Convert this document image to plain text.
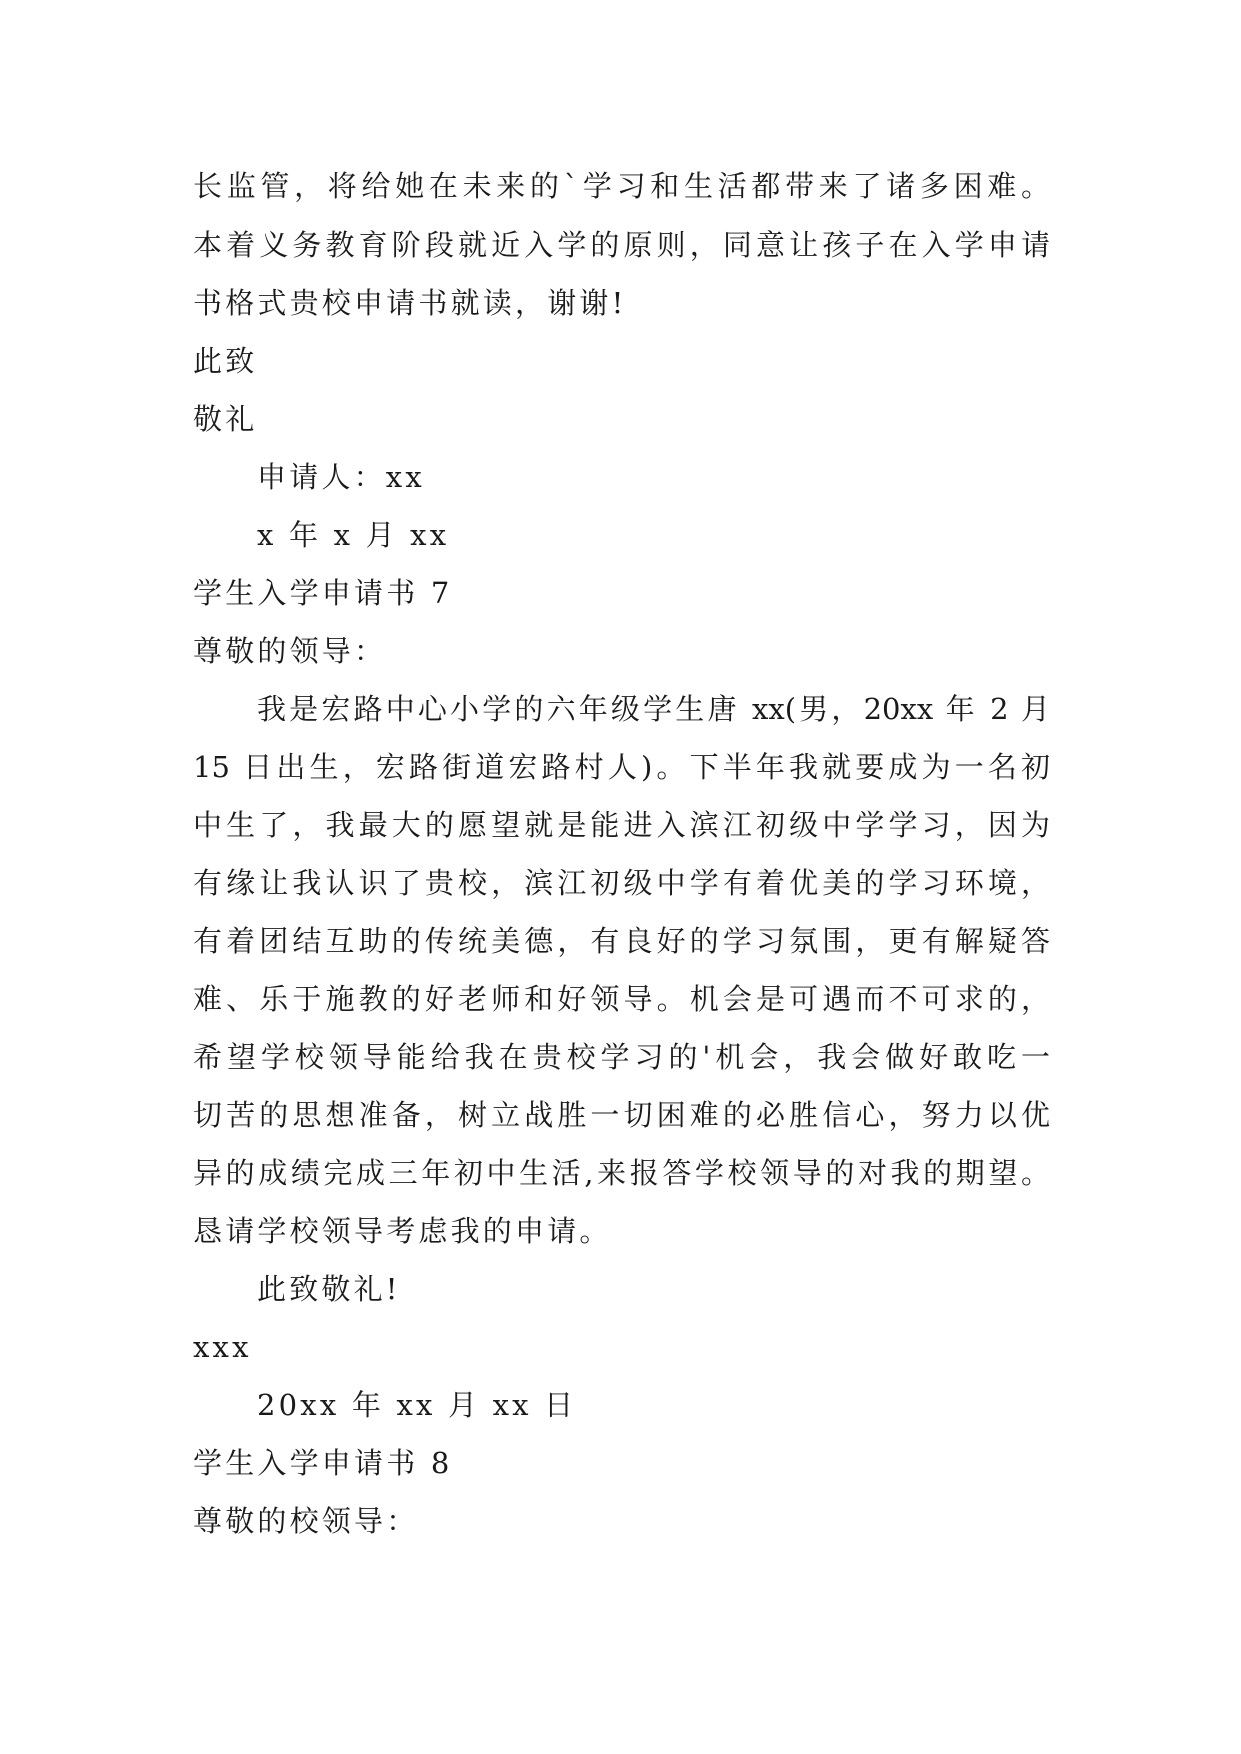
长监管，将给她在未来的`学习和生活都带来了诸多困难。
本着义务教育阶段就近入学的原则，同意让孩子在入学申请
书格式贵校申请书就读，谢谢!
此致
敬礼
申请人：xx
x 年 x 月 xx
学生入学申请书 7
尊敬的领导：
我是宏路中心小学的六年级学生唐 xx(男，20xx 年 2 月
15 日出生，宏路街道宏路村人)。下半年我就要成为一名初
中生了，我最大的愿望就是能进入滨江初级中学学习，因为
有缘让我认识了贵校，滨江初级中学有着优美的学习环境，
有着团结互助的传统美德，有良好的学习氛围，更有解疑答
难、乐于施教的好老师和好领导。机会是可遇而不可求的，
希望学校领导能给我在贵校学习的'机会，我会做好敢吃一
切苦的思想准备，树立战胜一切困难的必胜信心，努力以优
异的成绩完成三年初中生活,来报答学校领导的对我的期望。
恳请学校领导考虑我的申请。
此致敬礼!
xxx
20xx 年 xx 月 xx 日
学生入学申请书 8
尊敬的校领导：
